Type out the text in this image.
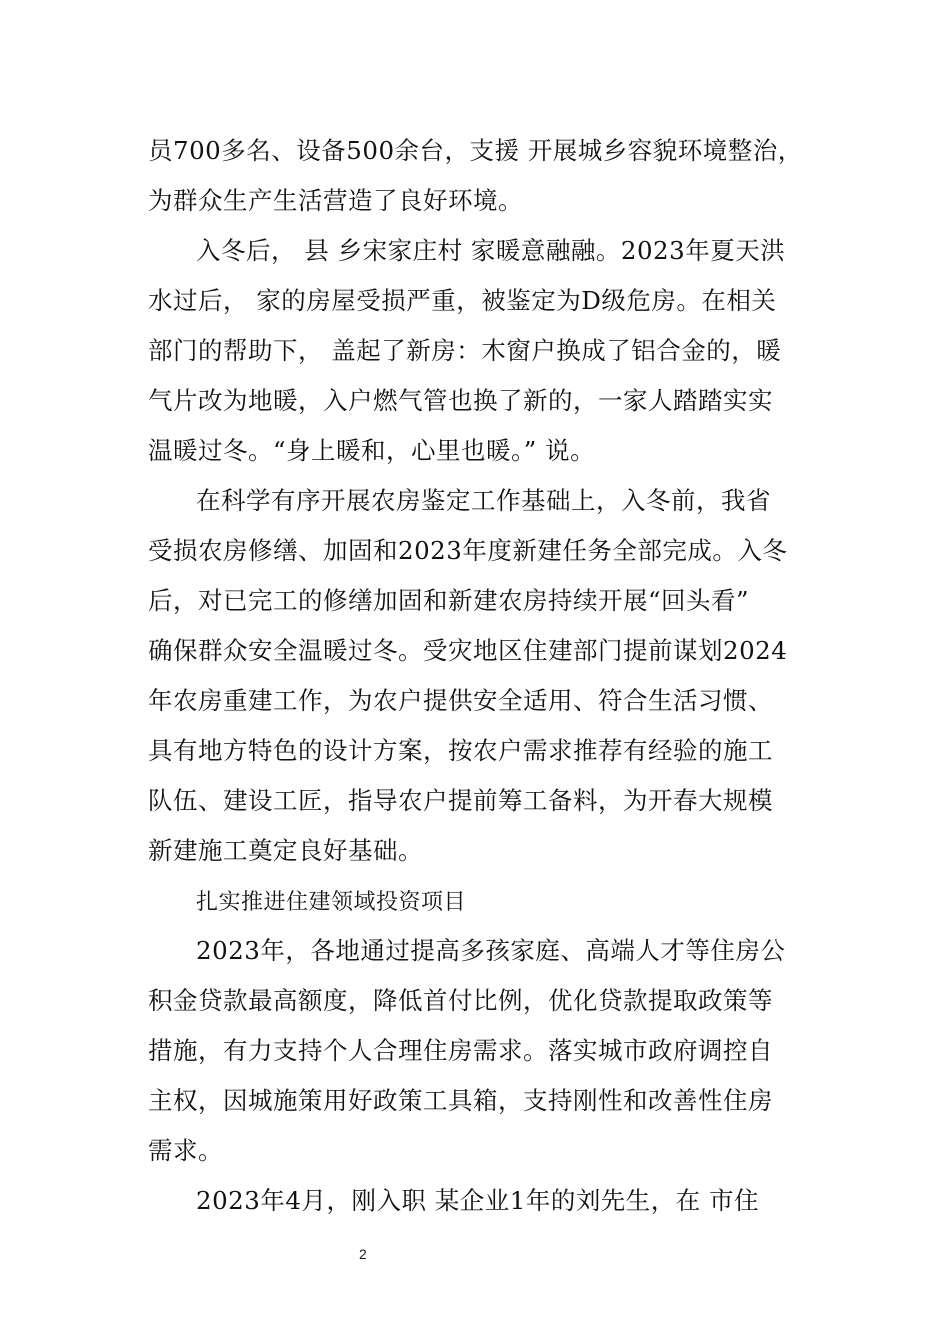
员700多名、设备500余台，支援 开展城乡容貌环境整治，
为群众生产生活营造了良好环境。
入冬后， 县 乡宋家庄村 家暖意融融。2023年夏天洪
水过后， 家的房屋受损严重，被鉴定为D级危房。在相关
部门的帮助下， 盖起了新房：木窗户换成了铝合金的，暖
气片改为地暖，入户燃气管也换了新的，一家人踏踏实实
温暖过冬。“身上暖和，心里也暖。” 说。
在科学有序开展农房鉴定工作基础上，入冬前，我省
受损农房修缮、加固和2023年度新建任务全部完成。入冬
后，对已完工的修缮加固和新建农房持续开展“回头看”
确保群众安全温暖过冬。受灾地区住建部门提前谋划2024
年农房重建工作，为农户提供安全适用、符合生活习惯、
具有地方特色的设计方案，按农户需求推荐有经验的施工
队伍、建设工匠，指导农户提前筹工备料，为开春大规模
新建施工奠定良好基础。
扎实推进住建领域投资项目
2023年，各地通过提高多孩家庭、高端人才等住房公
积金贷款最高额度，降低首付比例，优化贷款提取政策等
措施，有力支持个人合理住房需求。落实城市政府调控自
主权，因城施策用好政策工具箱，支持刚性和改善性住房
需求。
2023年4月，刚入职 某企业1年的刘先生，在 市住
2
